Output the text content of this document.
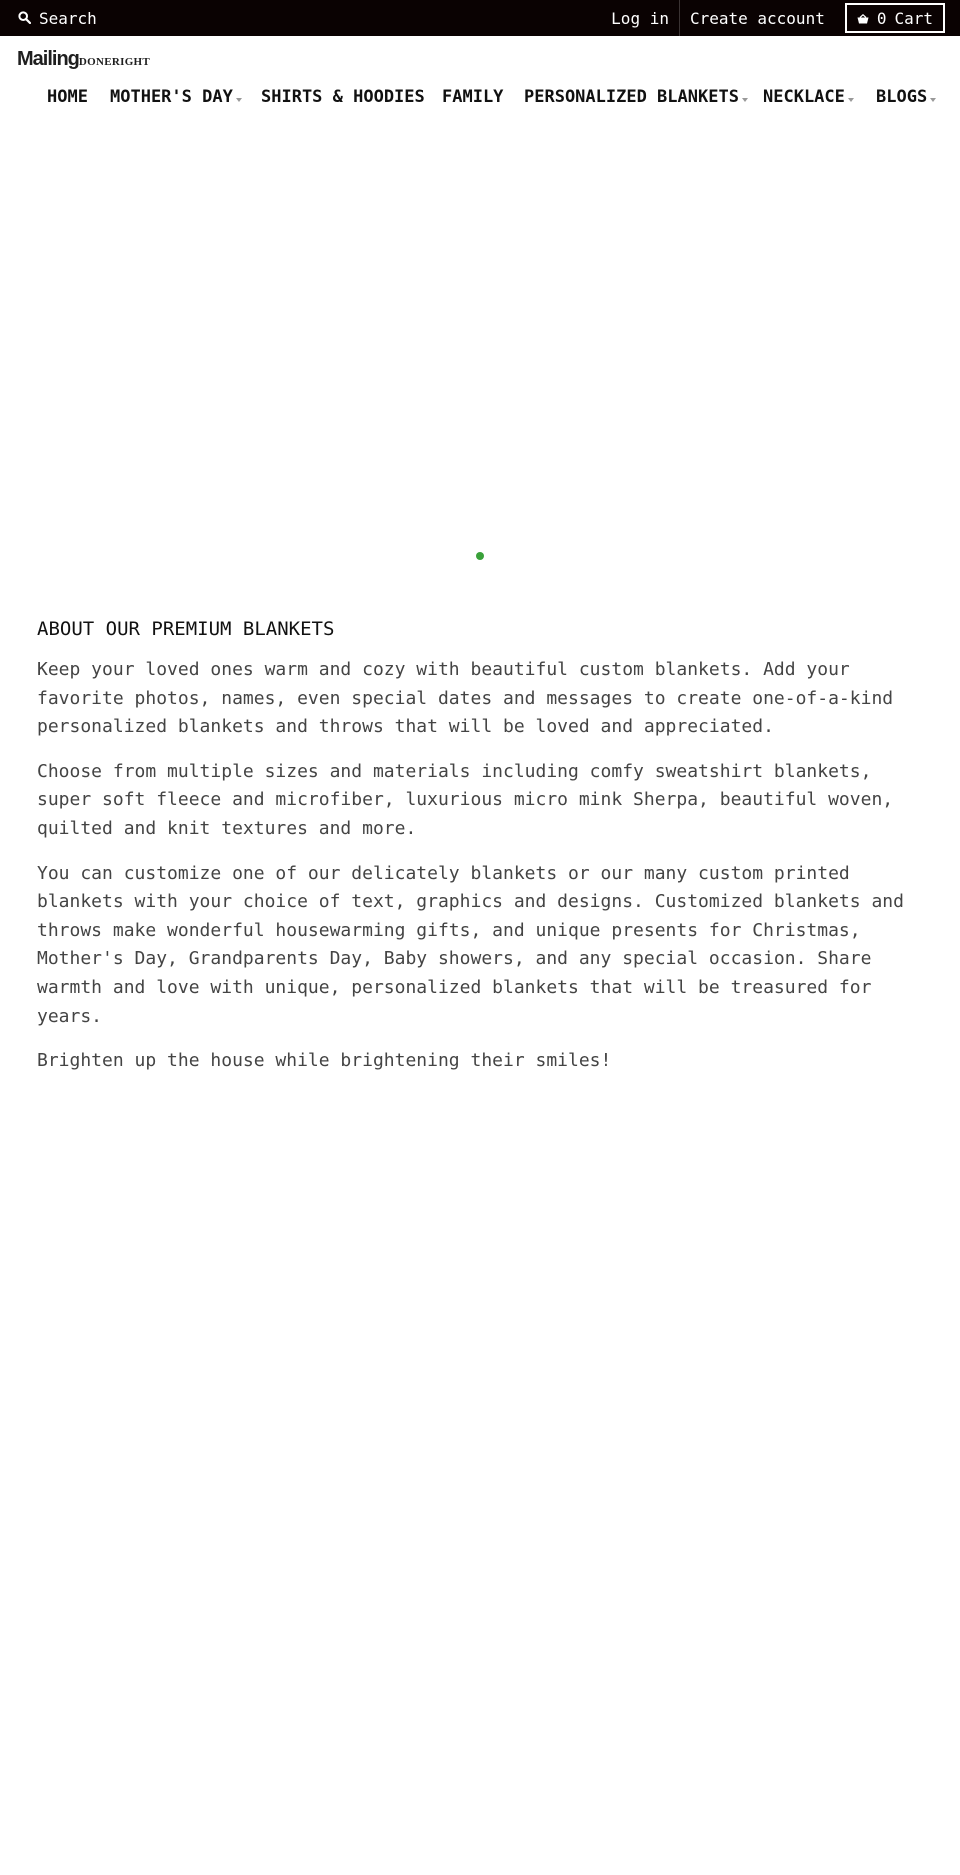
Search	Log in	Create account	0 Cart
Mailing DONERIGHT
HOME MOTHER'S DAY SHIRTS & HOODIES FAMILY PERSONALIZED BLANKETS NECKLACE BLOGS
ABOUT OUR PREMIUM BLANKETS

Keep your loved ones warm and cozy with beautiful custom blankets. Add your favorite photos, names, even special dates and messages to create one-of-a-kind personalized blankets and throws that will be loved and appreciated.

Choose from multiple sizes and materials including comfy sweatshirt blankets, super soft fleece and microfiber, luxurious micro mink Sherpa, beautiful woven, quilted and knit textures and more.

You can customize one of our delicately blankets or our many custom printed blankets with your choice of text, graphics and designs. Customized blankets and throws make wonderful housewarming gifts, and unique presents for Christmas, Mother's Day, Grandparents Day, Baby showers, and any special occasion. Share warmth and love with unique, personalized blankets that will be treasured for years.

Brighten up the house while brightening their smiles!
